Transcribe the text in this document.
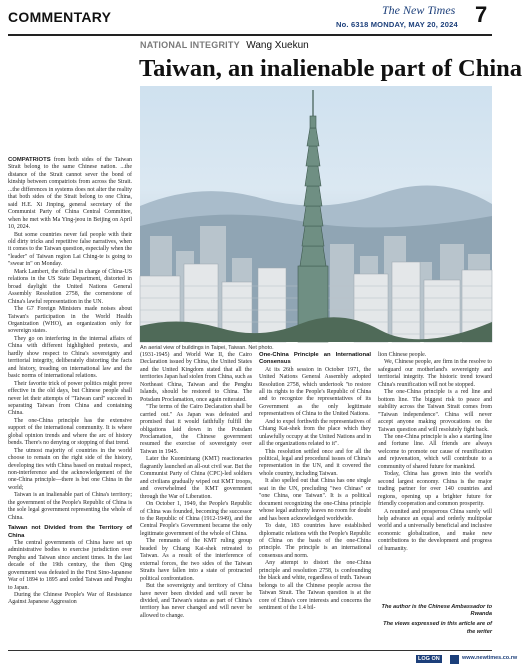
COMMENTARY	The New Times
No. 6318 MONDAY, MAY 20, 2024 7
NATIONAL INTEGRITY Wang Xuekun
Taiwan, an inalienable part of China
An aerial view of buildings in Taipei, Taiwan. Net photo.

COMPATRIOTS from both sides of the Taiwan Strait belong to the same Chinese nation. ...the distance of the Strait cannot sever the bond of kinship between compatriots from across the Strait. ...the differences in systems does not alter the reality that both sides of the Strait belong to one China, said H.E. Xi Jinping, general secretary of the Communist Party of China Central Committee, when he met with Ma Ying-jeou in Beijing on April 10, 2024.

But some countries never fail people with their old dirty tricks and repetitive false narratives, when it comes to the Taiwan question, especially when the "leader" of Taiwan region Lai Ching-te is going to "swear in" on Monday.

Mark Lambert, the official in charge of China-US relations in the US State Department, distorted in broad daylight the United Nations General Assembly Resolution 2758, the cornerstone of China's lawful representation in the UN.

The G7 Foreign Ministers made noises about Taiwan's participation in the World Health Organization (WHO), an organization only for sovereign states.

They go on interfering in the internal affairs of China with different highlighted pretexts, and hardly show respect to China's sovereignty and territorial integrity, deliberately distorting the facts and history, treading on international law and the basic norms of international relations.

Their favorite trick of power politics might prove effective in the old days, but Chinese people shall never let their attempts of "Taiwan card" succeed in separating Taiwan from China and containing China.

The one-China principle has the extensive support of the international community. It is where global opinion trends and where the arc of history bends. There's no denying or stopping of that trend.

The utmost majority of countries in the world choose to remain on the right side of the history, developing ties with China based on mutual respect, non-interference and the acknowledgement of the one-China principle—there is but one China in the world;

Taiwan is an inalienable part of China's territory; the government of the People's Republic of China is the sole legal government representing the whole of China.

Taiwan not Divided from the Territory of China

The central governments of China have set up administrative bodies to exercise jurisdiction over Penghu and Taiwan since ancient times. In the last decade of the 19th century, the then Qing government was defeated in the First Sino-Japanese War of 1894 to 1895 and ceded Taiwan and Penghu to Japan.

During the Chinese People's War of Resistance Against Japanese Aggression

(1931-1945) and World War II, the Cairo Declaration issued by China, the United States and the United Kingdom stated that all the territories Japan had stolen from China, such as Northeast China, Taiwan and the Penghu Islands, should be restored to China. The Potsdam Proclamation, once again reiterated.

"The terms of the Cairo Declaration shall be carried out." As Japan was defeated and promised that it would faithfully fulfill the obligations laid down in the Potsdam Proclamation, the Chinese government resumed the exercise of sovereignty over Taiwan in 1945.

Later the Kuomintang (KMT) reactionaries flagrantly launched an all-out civil war. But the Communist Party of China (CPC)-led soldiers and civilians gradually wiped out KMT troops, and overwhelmed the KMT government through the War of Liberation.

On October 1, 1949, the People's Republic of China was founded, becoming the successor to the Republic of China (1912-1949), and the Central People's Government became the only legitimate government of the whole of China.

The remnants of the KMT ruling group headed by Chiang Kai-shek retreated to Taiwan. As a result of the interference of external forces, the two sides of the Taiwan Straits have fallen into a state of protracted political confrontation.

But the sovereignty and territory of China have never been divided and will never be divided, and Taiwan's status as part of China's territory has never changed and will never be allowed to change.

One-China Principle an International Consensus

At its 26th session in October 1971, the United Nations General Assembly adopted Resolution 2758, which undertook "to restore all its rights to the People's Republic of China and to recognize the representatives of its Government as the only legitimate representatives of China to the United Nations.

And to expel forthwith the representatives of Chiang Kai-shek from the place which they unlawfully occupy at the United Nations and in all the organizations related to it".

This resolution settled once and for all the political, legal and procedural issues of China's representation in the UN, and it covered the whole country, including Taiwan.

It also spelled out that China has one single seat in the UN, precluding "two Chinas" or "one China, one Taiwan". It is a political document recognizing the one-China principle whose legal authority leaves no room for doubt and has been acknowledged worldwide.

To date, 183 countries have established diplomatic relations with the People's Republic of China on the basis of the one-China principle. The principle is an international consensus and norm.

Any attempt to distort the one-China principle and resolution 2758, is confounding the black and white, regardless of truth. Taiwan belongs to all the Chinese people across the Taiwan Strait. The Taiwan question is at the core of China's core interests and concerns the sentiment of the 1.4 bil-

lion Chinese people.

We, Chinese people, are firm in the resolve to safeguard our motherland's sovereignty and territorial integrity. The historic trend toward China's reunification will not be stopped.

The one-China principle is a red line and bottom line. The biggest risk to peace and stability across the Taiwan Strait comes from "Taiwan independence". China will never accept anyone making provocations on the Taiwan question and will resolutely fight back.

The one-China principle is also a starting line and fortune line. All friends are always welcome to promote our cause of reunification and rejuvenation, which will contribute to a community of shared future for mankind.

Today, China has grown into the world's second largest economy. China is the major trading partner for over 140 countries and regions, opening up a brighter future for friendly cooperation and common prosperity.

A reunited and prosperous China surely will help advance an equal and orderly multipolar world and a universally beneficial and inclusive economic globalization, and make new contributions to the development and progress of humanity.

The author is the Chinese Ambassador to Rwanda

The views expressed in this article are of the writer

LOG ON	www.newtimes.co.rw
